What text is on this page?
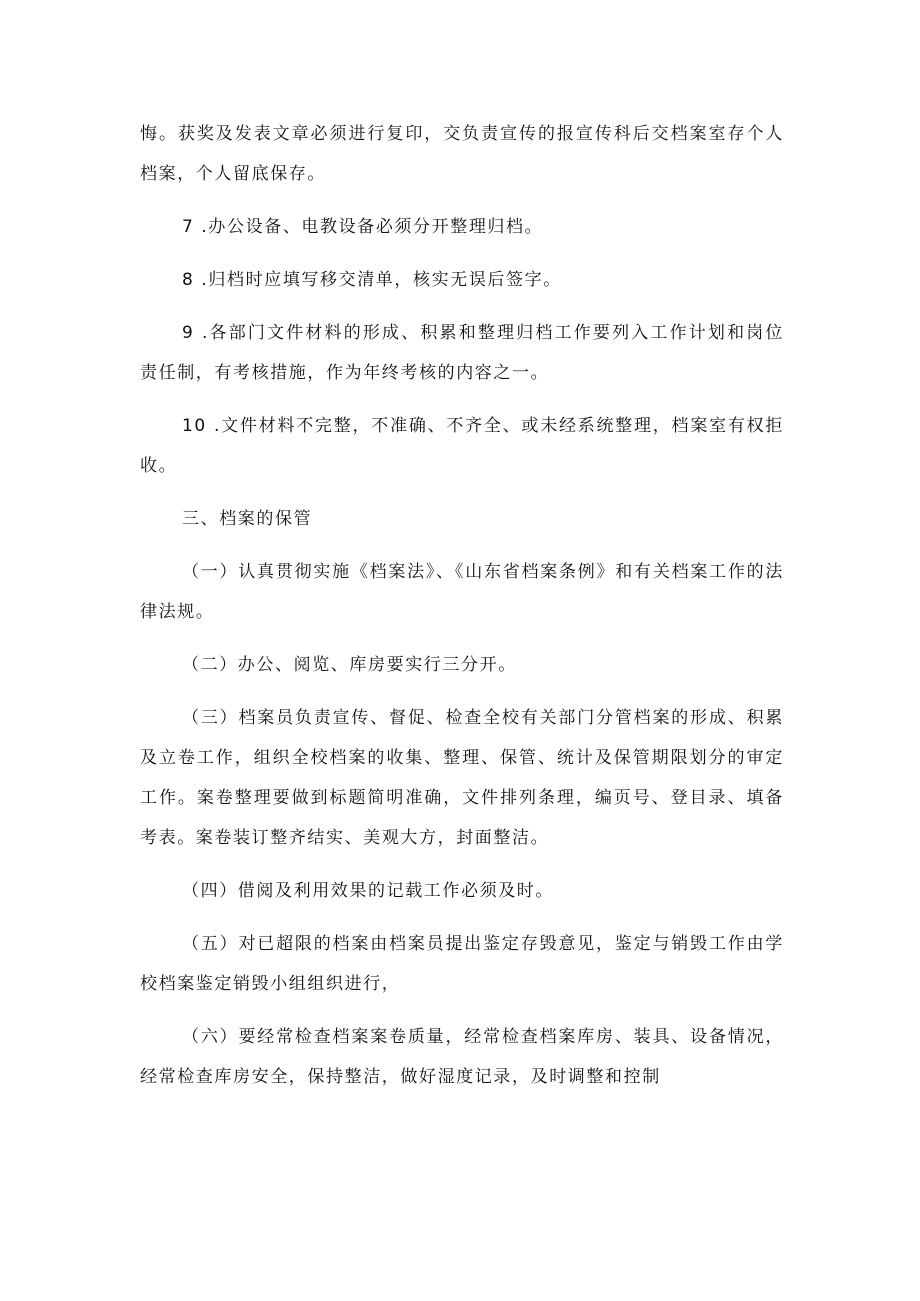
悔。获奖及发表文章必须进行复印，交负责宣传的报宣传科后交档案室存个人档案，个人留底保存。

7 .办公设备、电教设备必须分开整理归档。

8 .归档时应填写移交清单，核实无误后签字。

9 .各部门文件材料的形成、积累和整理归档工作要列入工作计划和岗位责任制，有考核措施，作为年终考核的内容之一。

10 .文件材料不完整，不准确、不齐全、或未经系统整理，档案室有权拒收。

三、档案的保管

（一）认真贯彻实施《档案法》、《山东省档案条例》和有关档案工作的法律法规。

（二）办公、阅览、库房要实行三分开。

（三）档案员负责宣传、督促、检查全校有关部门分管档案的形成、积累及立卷工作，组织全校档案的收集、整理、保管、统计及保管期限划分的审定工作。案卷整理要做到标题简明准确，文件排列条理，编页号、登目录、填备考表。案卷装订整齐结实、美观大方，封面整洁。

（四）借阅及利用效果的记载工作必须及时。

（五）对已超限的档案由档案员提出鉴定存毁意见，鉴定与销毁工作由学校档案鉴定销毁小组组织进行，

（六）要经常检查档案案卷质量，经常检查档案库房、装具、设备情况，经常检查库房安全，保持整洁，做好湿度记录，及时调整和控制
